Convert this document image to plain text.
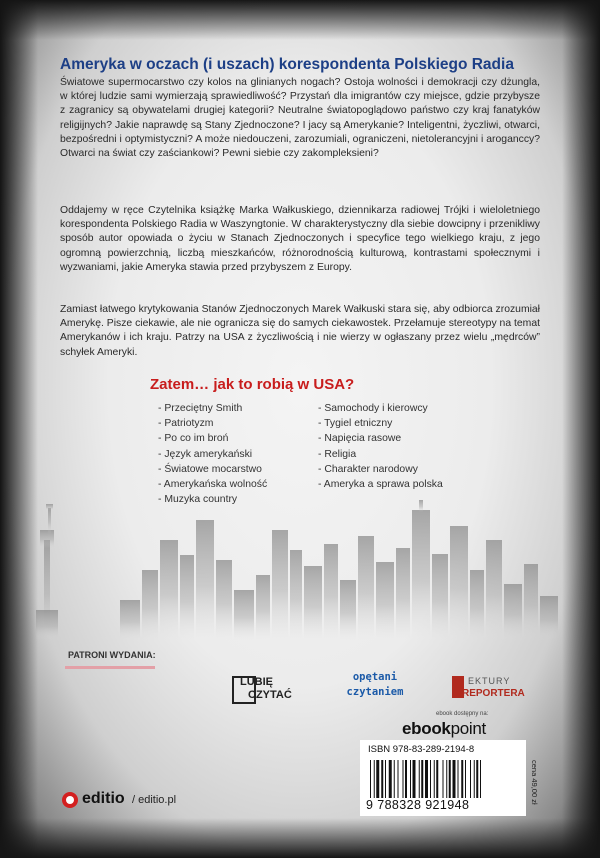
Ameryka w oczach (i uszach) korespondenta Polskiego Radia

Światowe supermocarstwo czy kolos na glinianych nogach? Ostoja wolności i demokracji czy dżungla, w której ludzie sami wymierzają sprawiedliwość? Przystań dla imigrantów czy miejsce, gdzie przybysze z zagranicy są obywatelami drugiej kategorii? Neutralne światopoglądowo państwo czy kraj fanatyków religijnych? Jakie naprawdę są Stany Zjednoczone? I jacy są Amerykanie? Inteligentni, życzliwi, otwarci, bezpośredni i optymistyczni? A może niedouczeni, zarozumiali, ograniczeni, nietolerancyjni i aroganccy? Otwarci na świat czy zaściankowi? Pewni siebie czy zakompleksieni?

Oddajemy w ręce Czytelnika książkę Marka Wałkuskiego, dziennikarza radiowej Trójki i wieloletniego korespondenta Polskiego Radia w Waszyngtonie. W charakterystyczny dla siebie dowcipny i przenikliwy sposób autor opowiada o życiu w Stanach Zjednoczonych i specyfice tego wielkiego kraju, z jego ogromną powierzchnią, liczbą mieszkańców, różnorodnością kulturową, kontrastami społecznymi i wyzwaniami, jakie Ameryka stawia przed przybyszem z Europy.

Zamiast łatwego krytykowania Stanów Zjednoczonych Marek Wałkuski stara się, aby odbiorca zrozumiał Amerykę. Pisze ciekawie, ale nie ogranicza się do samych ciekawostek. Przełamuje stereotypy na temat Amerykanów i ich kraju. Patrzy na USA z życzliwością i nie wierzy w ogłaszany przez wielu „mędrców” schyłek Ameryki.

Zatem… jak to robią w USA?
- Przeciętny Smith
- Patriotyzm
- Po co im broń
- Język amerykański
- Światowe mocarstwo
- Amerykańska wolność
- Muzyka country
- Samochody i kierowcy
- Tygiel etniczny
- Napięcia rasowe
- Religia
- Charakter narodowy
- Ameryka a sprawa polska
PATRONI WYDANIA:
LUBIĘ
CZYTAĆ
opętani
czytaniem
EKTURY
REPORTERA
ebook dostępny na:
ebookpoint

ISBN 978-83-289-2194-8

9 788328 921948

cena 49,00 zł

editio / editio.pl
